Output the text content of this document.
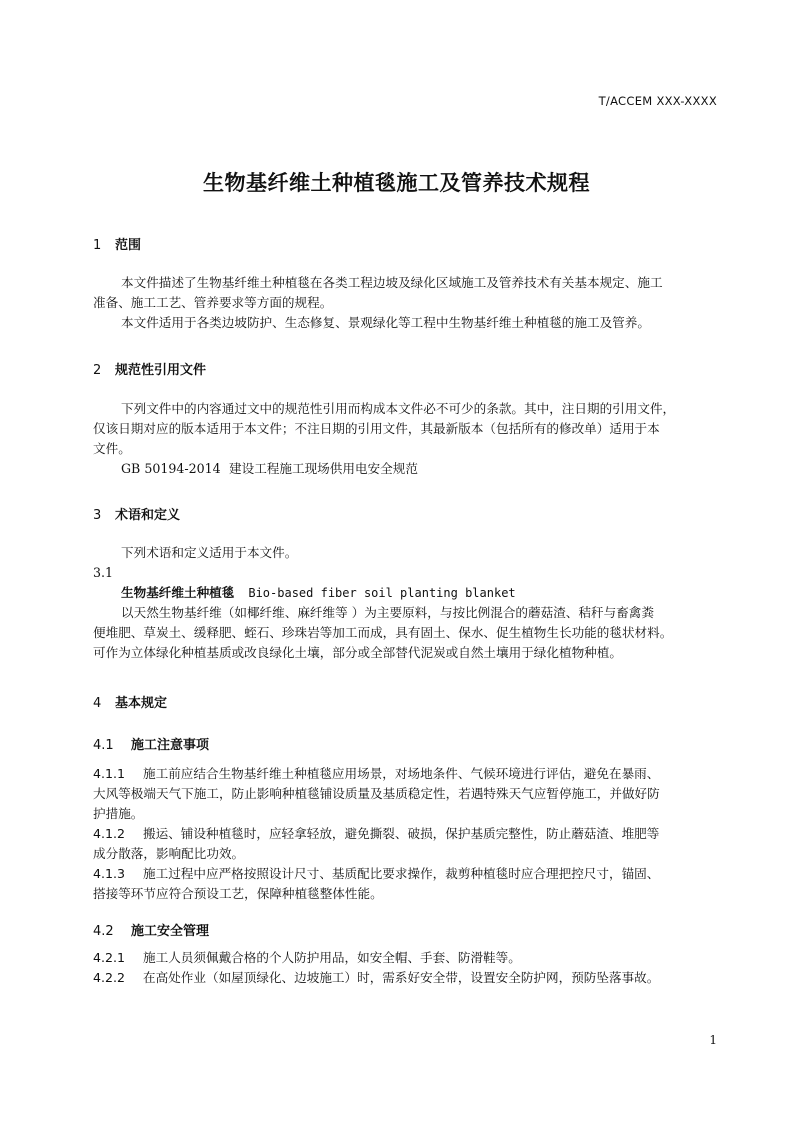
T/ACCEM XXX-XXXX
生物基纤维土种植毯施工及管养技术规程
1 范围
本文件描述了生物基纤维土种植毯在各类工程边坡及绿化区域施工及管养技术有关基本规定、施工
准备、施工工艺、管养要求等方面的规程。
本文件适用于各类边坡防护、生态修复、景观绿化等工程中生物基纤维土种植毯的施工及管养。
2 规范性引用文件
下列文件中的内容通过文中的规范性引用而构成本文件必不可少的条款。其中，注日期的引用文件，
仅该日期对应的版本适用于本文件；不注日期的引用文件，其最新版本（包括所有的修改单）适用于本
文件。
GB 50194-2014 建设工程施工现场供用电安全规范
3 术语和定义
下列术语和定义适用于本文件。
3.1
生物基纤维土种植毯 Bio-based fiber soil planting blanket
以天然生物基纤维（如椰纤维、麻纤维等 ）为主要原料，与按比例混合的蘑菇渣、秸秆与畜禽粪
便堆肥、草炭土、缓释肥、蛭石、珍珠岩等加工而成，具有固土、保水、促生植物生长功能的毯状材料。
可作为立体绿化种植基质或改良绿化土壤，部分或全部替代泥炭或自然土壤用于绿化植物种植。
4 基本规定
4.1 施工注意事项
4.1.1 施工前应结合生物基纤维土种植毯应用场景，对场地条件、气候环境进行评估，避免在暴雨、
大风等极端天气下施工，防止影响种植毯铺设质量及基质稳定性，若遇特殊天气应暂停施工，并做好防
护措施。
4.1.2 搬运、铺设种植毯时，应轻拿轻放，避免撕裂、破损，保护基质完整性，防止蘑菇渣、堆肥等
成分散落，影响配比功效。
4.1.3 施工过程中应严格按照设计尺寸、基质配比要求操作，裁剪种植毯时应合理把控尺寸，锚固、
搭接等环节应符合预设工艺，保障种植毯整体性能。
4.2 施工安全管理
4.2.1 施工人员须佩戴合格的个人防护用品，如安全帽、手套、防滑鞋等。
4.2.2 在高处作业（如屋顶绿化、边坡施工）时，需系好安全带，设置安全防护网，预防坠落事故。
1
